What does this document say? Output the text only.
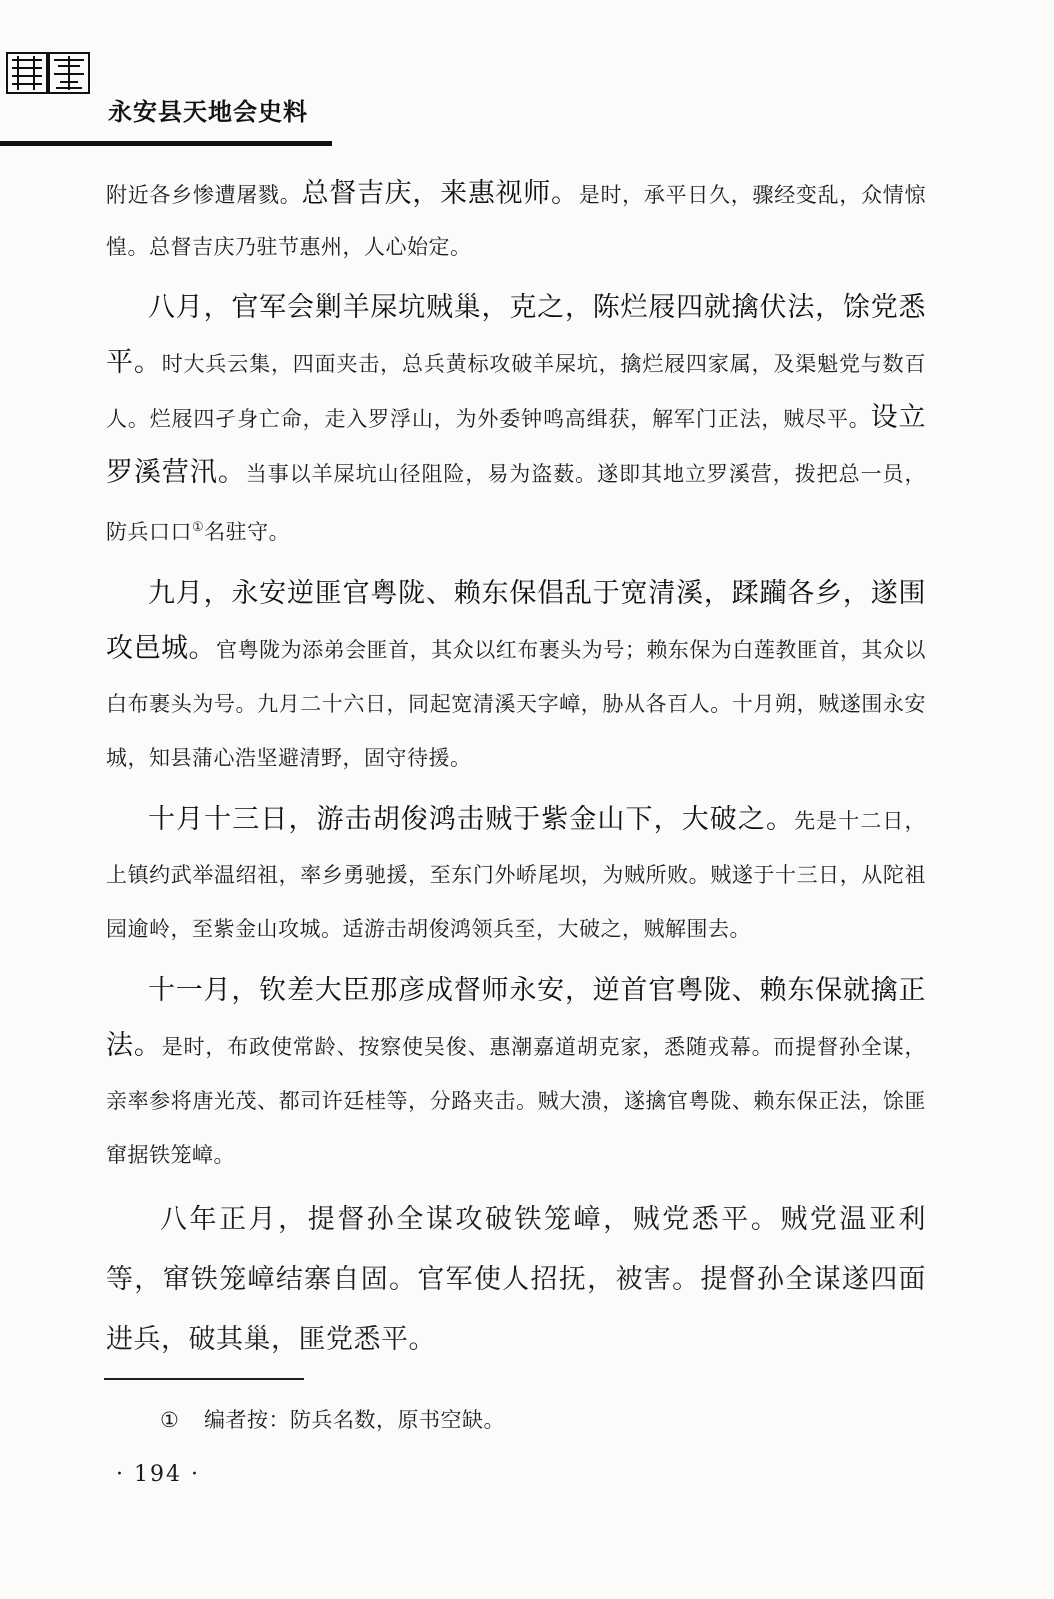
永安县天地会史料

附近各乡惨遭屠戮。总督吉庆，来惠视师。是时，承平日久，骤经变乱，众情惊惶。总督吉庆乃驻节惠州，人心始定。

八月，官军会剿羊屎坑贼巢，克之，陈烂屐四就擒伏法，馀党悉平。时大兵云集，四面夹击，总兵黄标攻破羊屎坑，擒烂屐四家属，及渠魁党与数百人。烂屐四孑身亡命，走入罗浮山，为外委钟鸣高缉获，解军门正法，贼尽平。设立罗溪营汛。当事以羊屎坑山径阻险，易为盗薮。遂即其地立罗溪营，拨把总一员，防兵口口①名驻守。

九月，永安逆匪官粤陇、赖东保倡乱于宽清溪，蹂躏各乡，遂围攻邑城。官粤陇为添弟会匪首，其众以红布裹头为号；赖东保为白莲教匪首，其众以白布裹头为号。九月二十六日，同起宽清溪天字嶂，胁从各百人。十月朔，贼遂围永安城，知县蒲心浩坚避清野，固守待援。

十月十三日，游击胡俊鸿击贼于紫金山下，大破之。先是十二日，上镇约武举温绍祖，率乡勇驰援，至东门外峤尾坝，为贼所败。贼遂于十三日，从陀祖园逾岭，至紫金山攻城。适游击胡俊鸿领兵至，大破之，贼解围去。

十一月，钦差大臣那彦成督师永安，逆首官粤陇、赖东保就擒正法。是时，布政使常龄、按察使吴俊、惠潮嘉道胡克家，悉随戎幕。而提督孙全谋，亲率参将唐光茂、都司许廷桂等，分路夹击。贼大溃，遂擒官粤陇、赖东保正法，馀匪窜据铁笼嶂。

八年正月，提督孙全谋攻破铁笼嶂，贼党悉平。贼党温亚利等，窜铁笼嶂结寨自固。官军使人招抚，被害。提督孙全谋遂四面进兵，破其巢，匪党悉平。

① 编者按：防兵名数，原书空缺。
· 194 ·
